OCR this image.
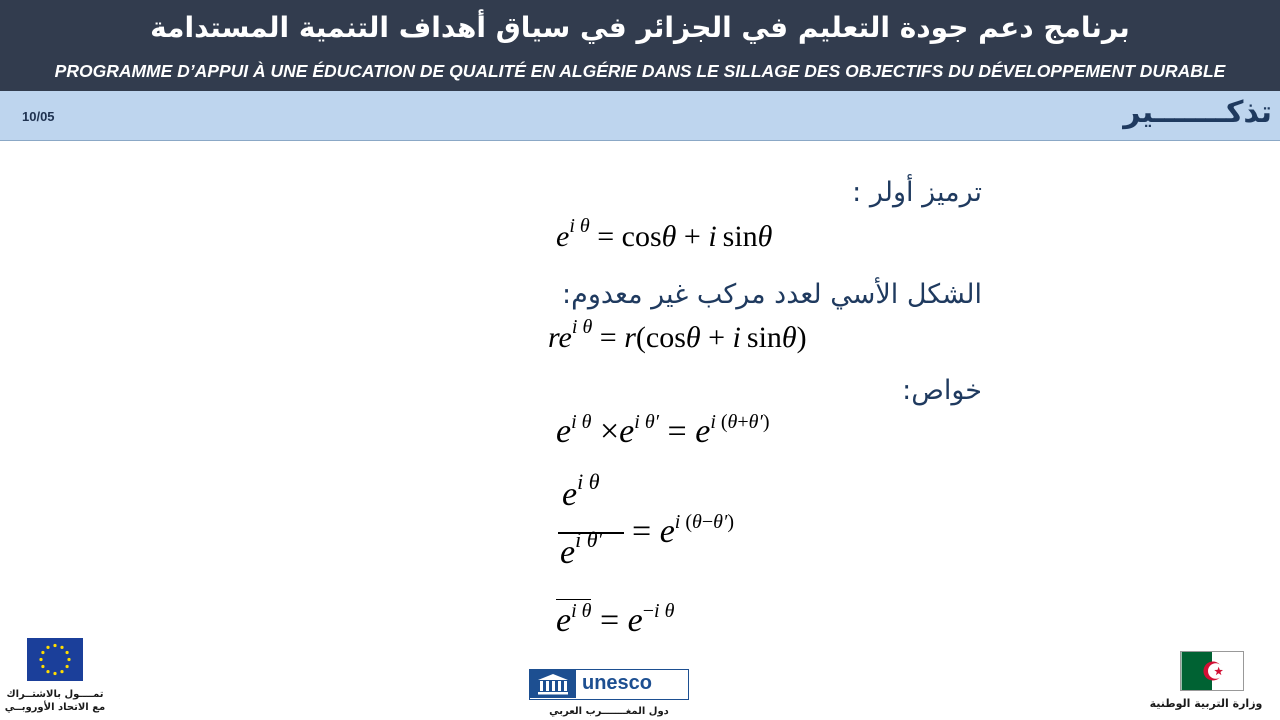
برنامج دعم جودة التعليم في الجزائر في سياق أهداف التنمية المستدامة
PROGRAMME D’APPUI À UNE ÉDUCATION DE QUALITÉ EN ALGÉRIE DANS LE SILLAGE DES OBJECTIFS DU DÉVELOPPEMENT DURABLE
10/05	تذكـــــــير
ترميز أولر :
$e^{i \theta} = \cos\theta + i$ sinθ
الشكل الأسي لعدد مركب غير معدوم:
$re^{i \theta} = r(\cos\theta + i$ sinθ)
خواص:
$e^{i \theta} \times e^{i \theta'} = e^{i (\theta+\theta')}$
$e^{i \theta}$
$e^{i \theta'} = e^{i (\theta-\theta')}$
$e^{i \theta} = e^{-i \theta}$
تمــــول بالاشتــراك
مع الاتحاد الأوروبــي
unesco
دول المغـــــــرب العربي
وزارة التربية الوطنية
